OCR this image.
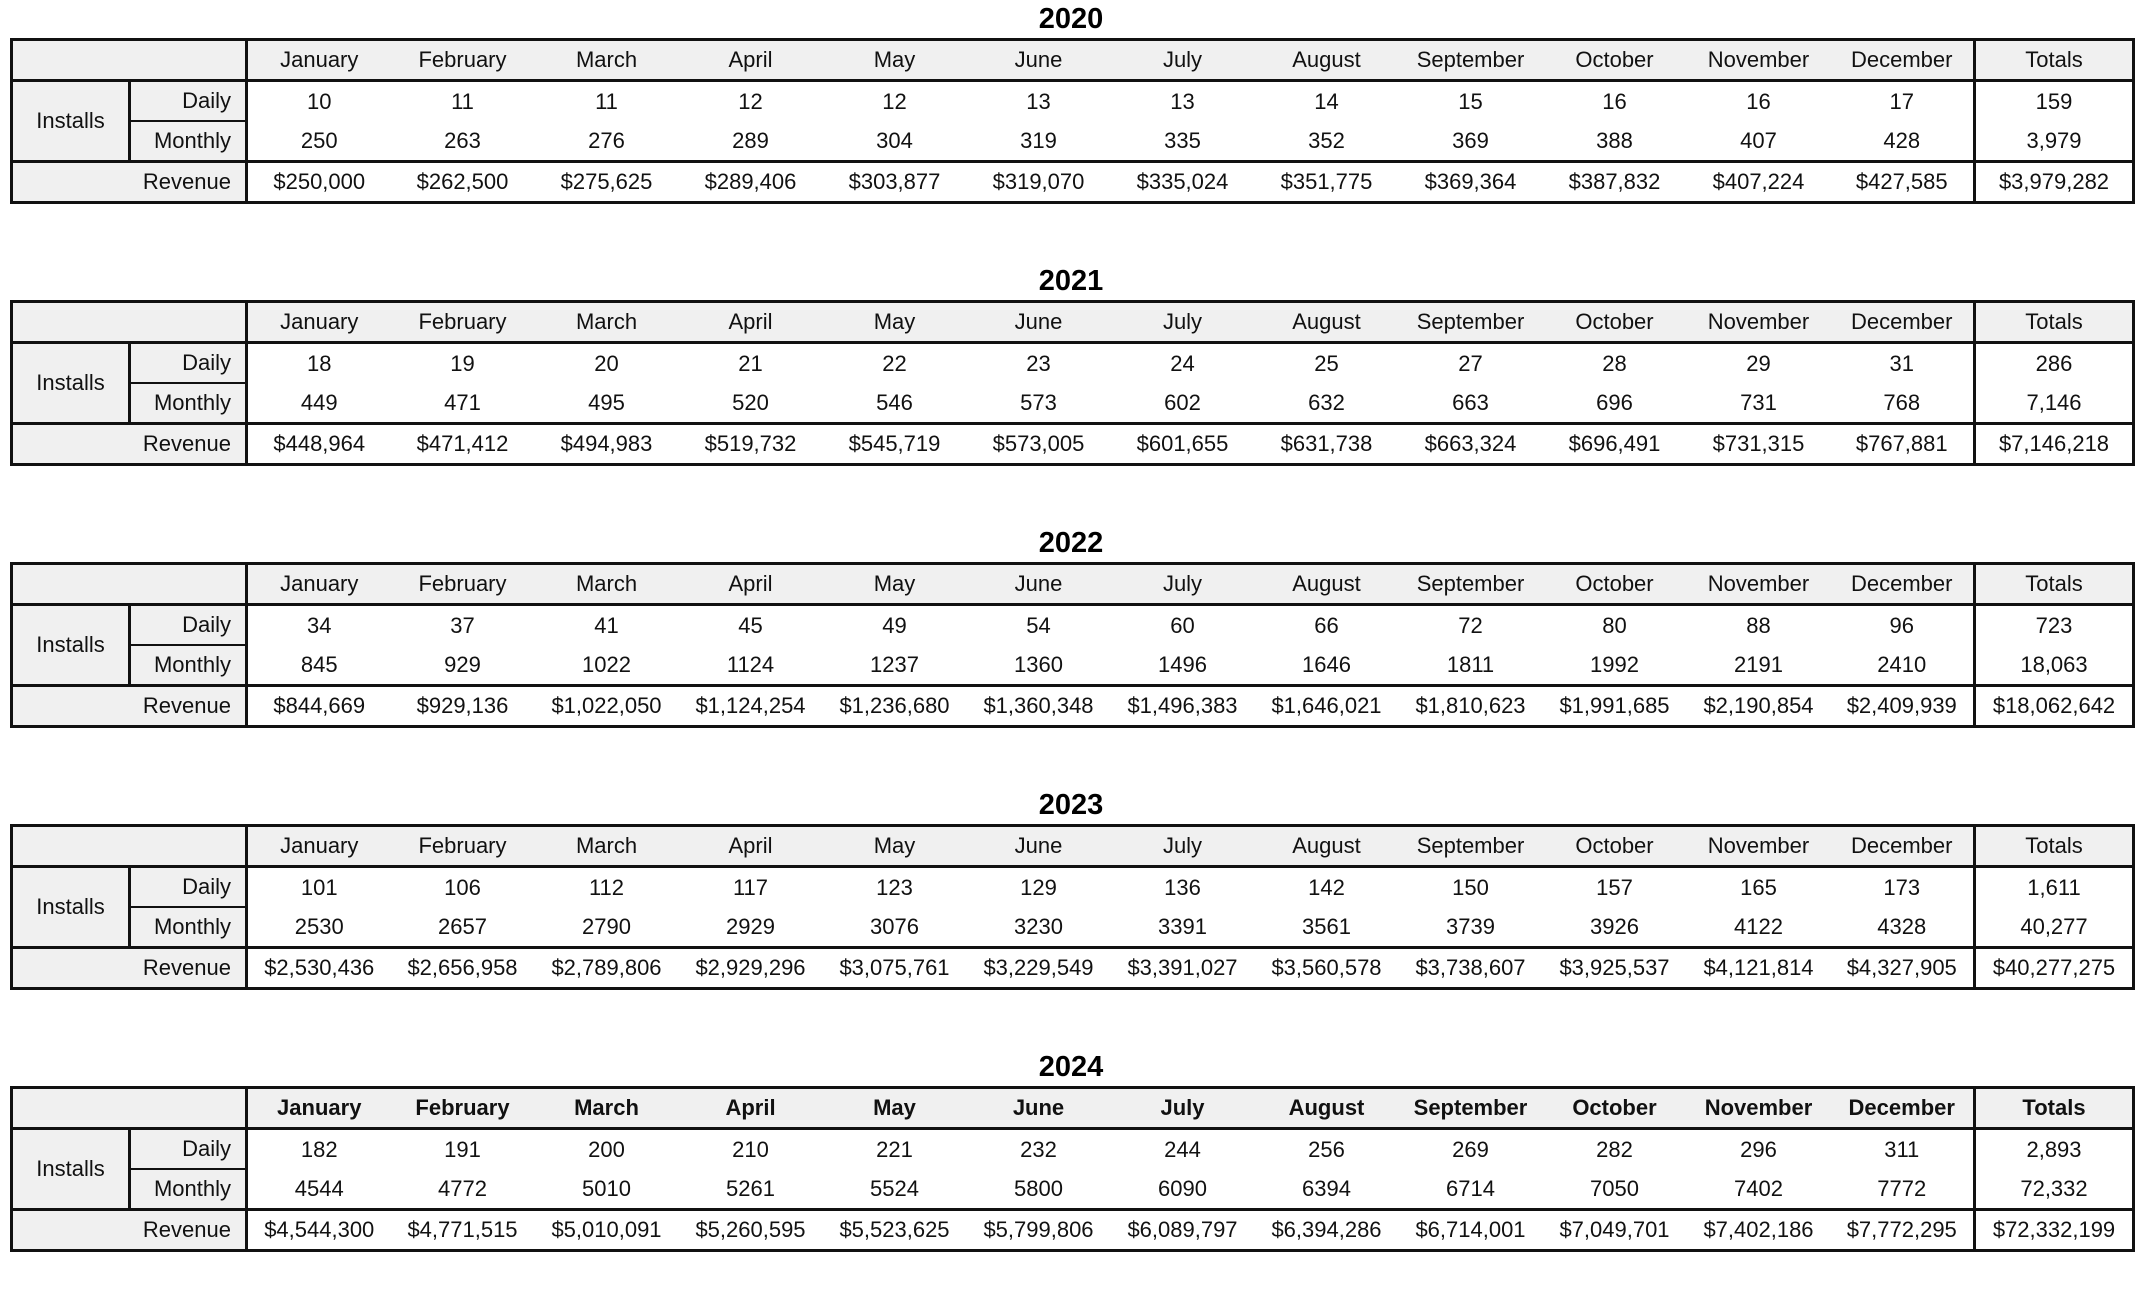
2020
		January	February	March	April	May	June	July	August	September	October	November	December	Totals
Installs	Daily	10	11	11	12	12	13	13	14	15	16	16	17	159
	Monthly	250	263	276	289	304	319	335	352	369	388	407	428	3,979
Revenue		$250,000	$262,500	$275,625	$289,406	$303,877	$319,070	$335,024	$351,775	$369,364	$387,832	$407,224	$427,585	$3,979,282
2021
		January	February	March	April	May	June	July	August	September	October	November	December	Totals
Installs	Daily	18	19	20	21	22	23	24	25	27	28	29	31	286
	Monthly	449	471	495	520	546	573	602	632	663	696	731	768	7,146
Revenue		$448,964	$471,412	$494,983	$519,732	$545,719	$573,005	$601,655	$631,738	$663,324	$696,491	$731,315	$767,881	$7,146,218
2022
		January	February	March	April	May	June	July	August	September	October	November	December	Totals
Installs	Daily	34	37	41	45	49	54	60	66	72	80	88	96	723
	Monthly	845	929	1022	1124	1237	1360	1496	1646	1811	1992	2191	2410	18,063
Revenue		$844,669	$929,136	$1,022,050	$1,124,254	$1,236,680	$1,360,348	$1,496,383	$1,646,021	$1,810,623	$1,991,685	$2,190,854	$2,409,939	$18,062,642
2023
		January	February	March	April	May	June	July	August	September	October	November	December	Totals
Installs	Daily	101	106	112	117	123	129	136	142	150	157	165	173	1,611
	Monthly	2530	2657	2790	2929	3076	3230	3391	3561	3739	3926	4122	4328	40,277
Revenue		$2,530,436	$2,656,958	$2,789,806	$2,929,296	$3,075,761	$3,229,549	$3,391,027	$3,560,578	$3,738,607	$3,925,537	$4,121,814	$4,327,905	$40,277,275
2024
		January	February	March	April	May	June	July	August	September	October	November	December	Totals
Installs	Daily	182	191	200	210	221	232	244	256	269	282	296	311	2,893
	Monthly	4544	4772	5010	5261	5524	5800	6090	6394	6714	7050	7402	7772	72,332
Revenue		$4,544,300	$4,771,515	$5,010,091	$5,260,595	$5,523,625	$5,799,806	$6,089,797	$6,394,286	$6,714,001	$7,049,701	$7,402,186	$7,772,295	$72,332,199
